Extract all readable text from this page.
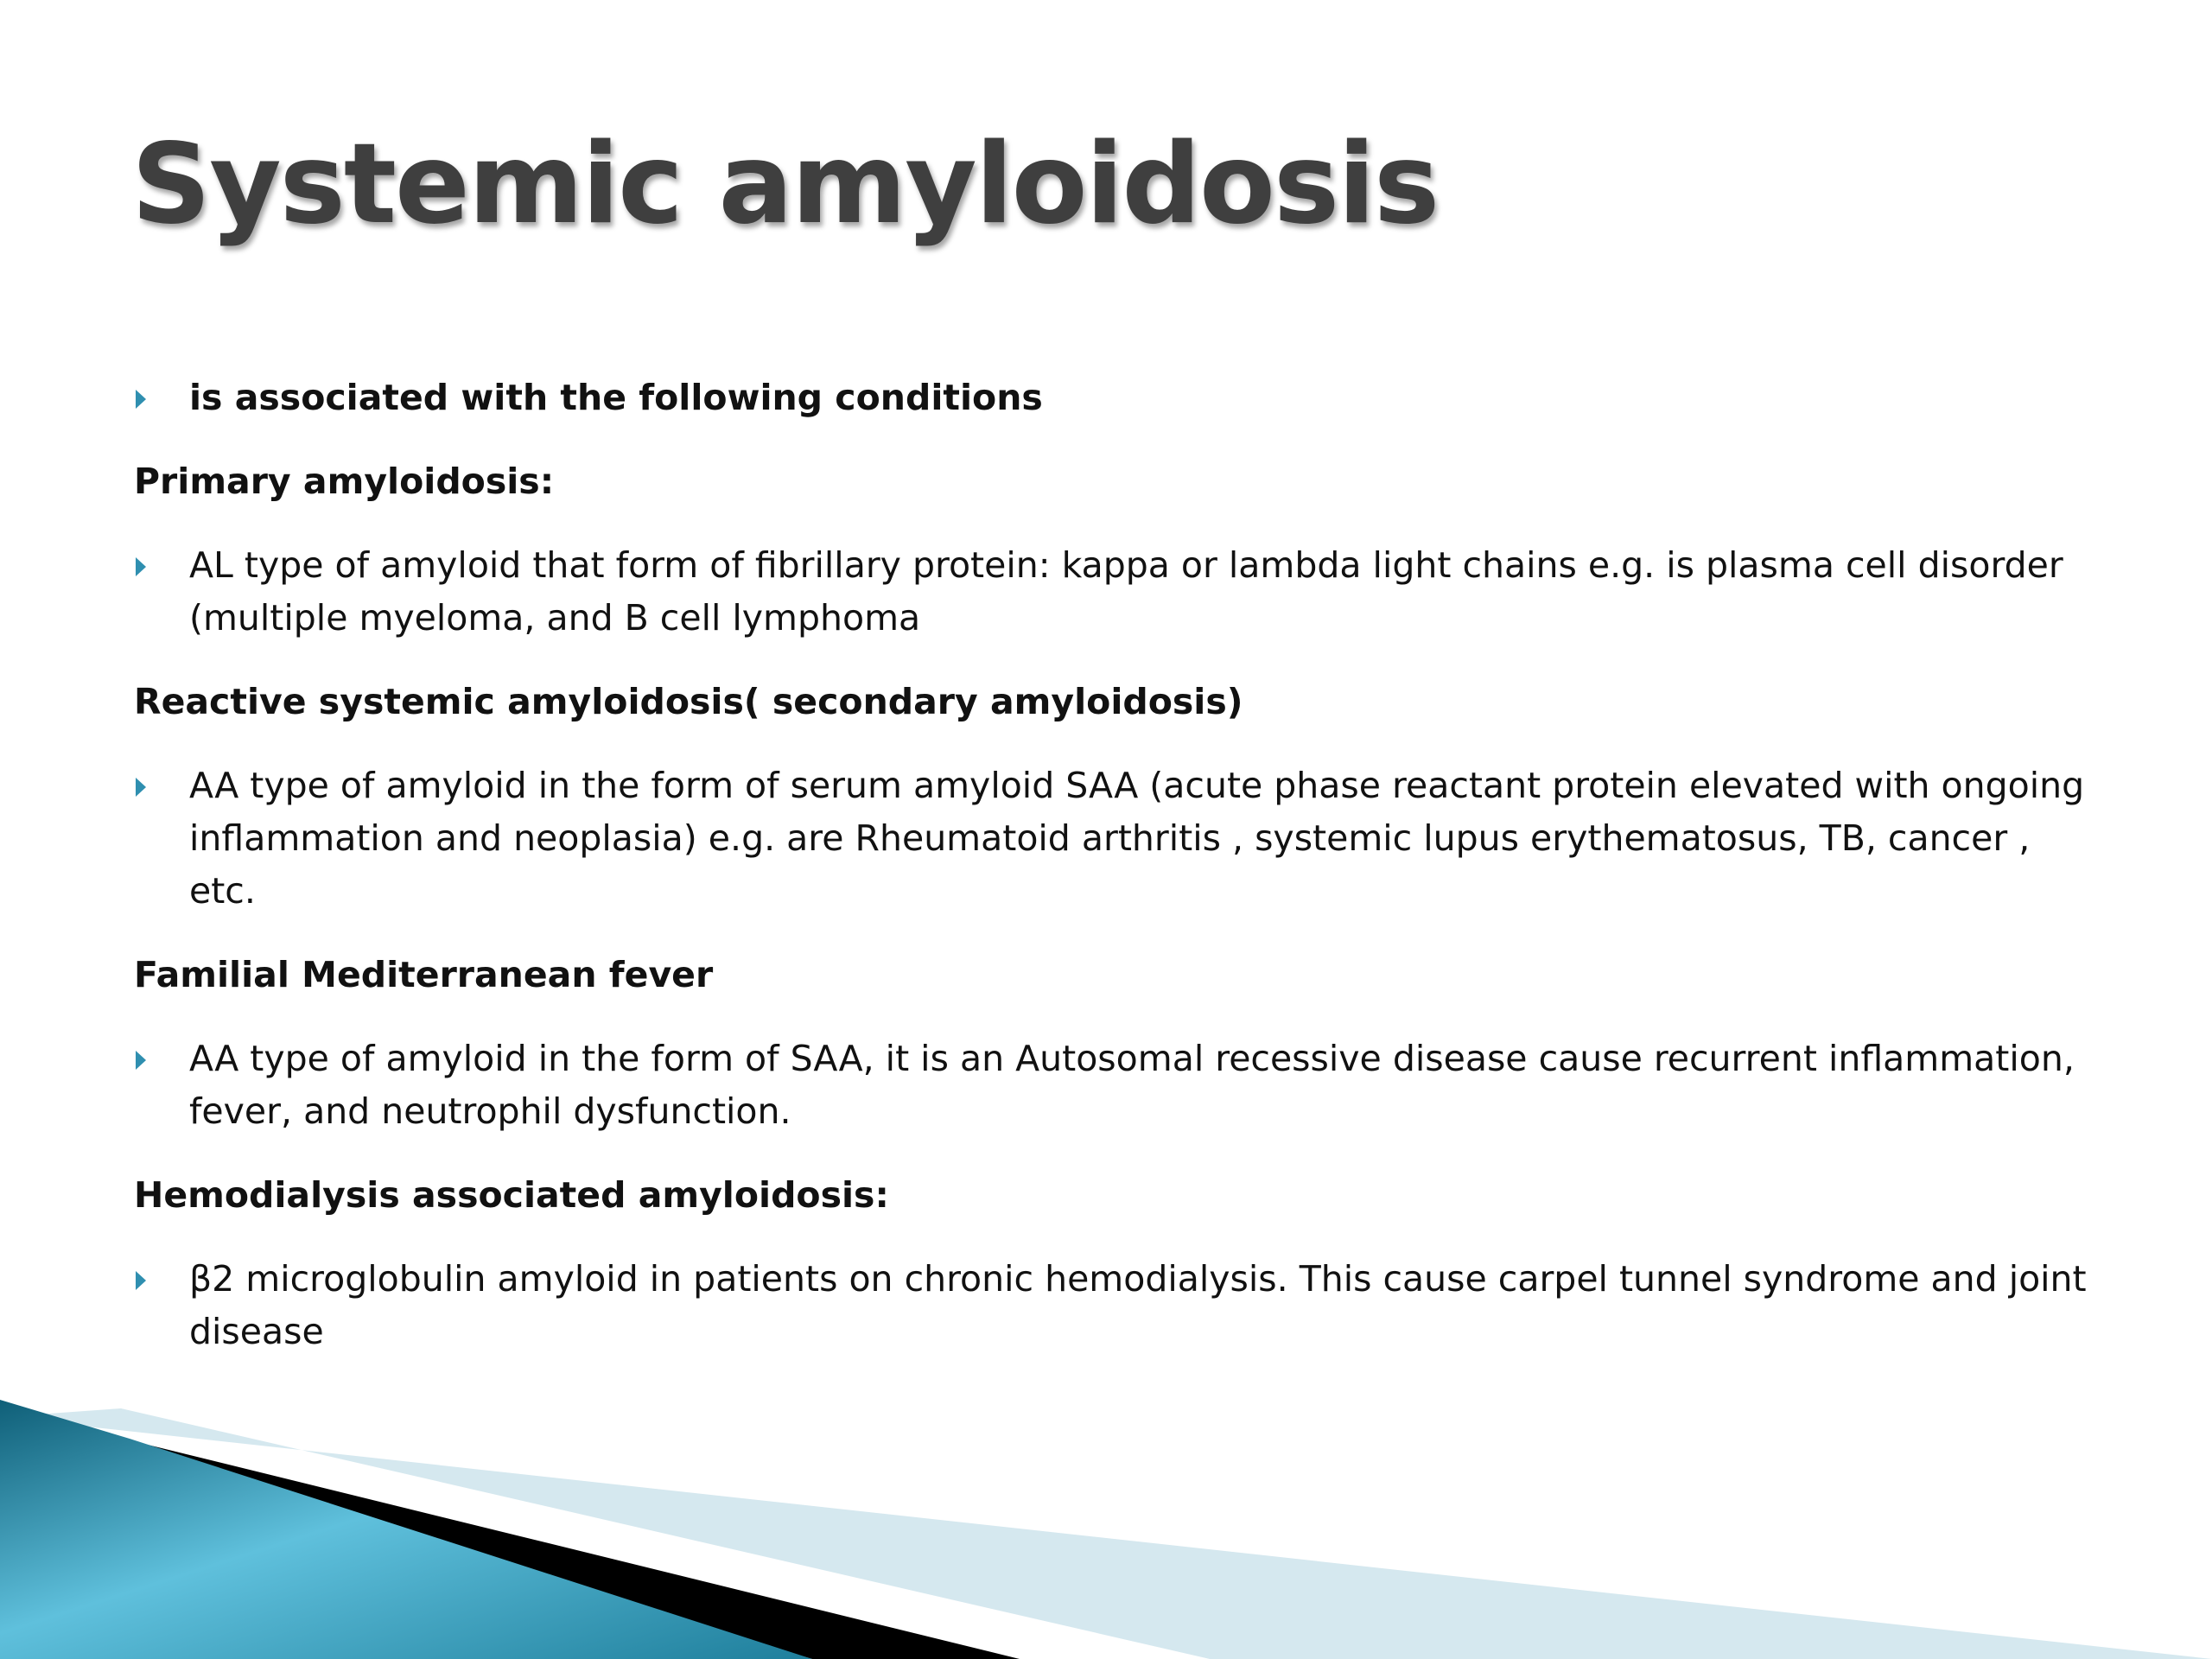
Systemic amyloidosis
is associated with the following conditions
Primary amyloidosis:
AL type of amyloid that form of fibrillary protein: kappa or lambda light chains e.g. is plasma cell disorder (multiple myeloma, and B cell lymphoma
Reactive systemic amyloidosis( secondary amyloidosis)
AA type of amyloid in the form of serum amyloid SAA (acute phase reactant protein elevated with ongoing inflammation and neoplasia) e.g. are Rheumatoid arthritis , systemic lupus erythematosus, TB, cancer , etc.
Familial Mediterranean fever
AA type of amyloid in the form of SAA, it is an Autosomal recessive disease cause recurrent inflammation, fever, and neutrophil dysfunction.
Hemodialysis associated amyloidosis:
β2 microglobulin amyloid in patients on chronic hemodialysis. This cause carpel tunnel syndrome and joint disease
